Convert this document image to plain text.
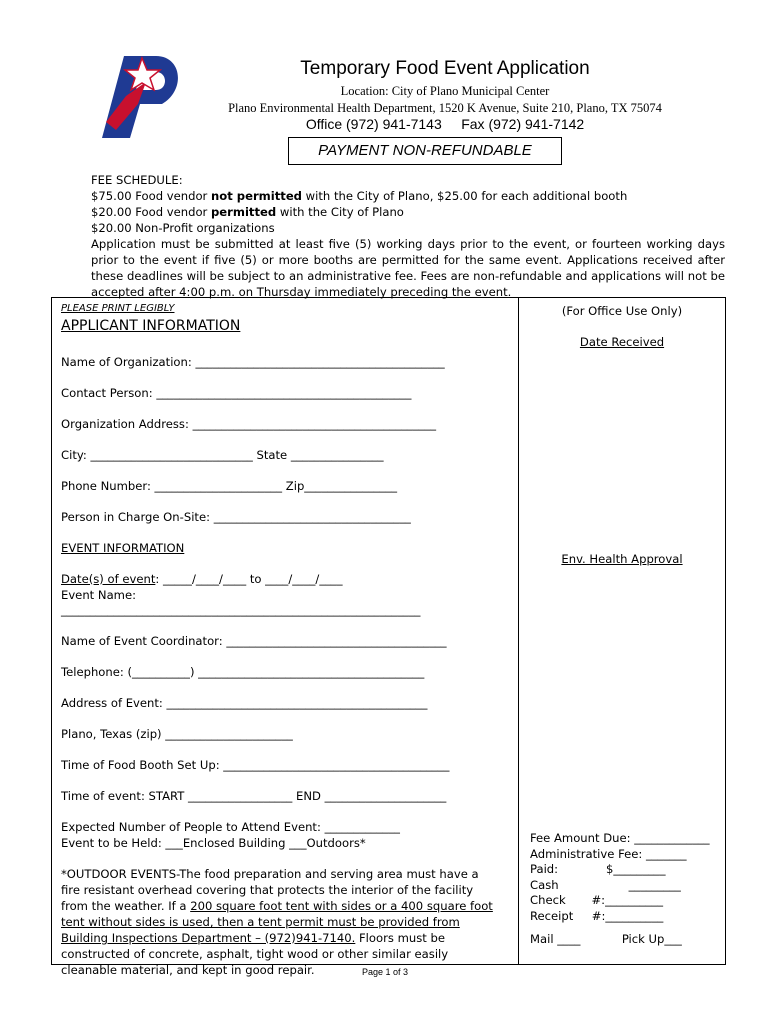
Temporary Food Event Application
Location: City of Plano Municipal Center
Plano Environmental Health Department, 1520 K Avenue, Suite 210, Plano, TX 75074
Office (972) 941-7143 Fax (972) 941-7142
PAYMENT NON-REFUNDABLE
FEE SCHEDULE:
$75.00 Food vendor not permitted with the City of Plano, $25.00 for each additional booth
$20.00 Food vendor permitted with the City of Plano
$20.00 Non-Profit organizations
Application must be submitted at least five (5) working days prior to the event, or fourteen working days prior to the event if five (5) or more booths are permitted for the same event. Applications received after these deadlines will be subject to an administrative fee. Fees are non-refundable and applications will not be accepted after 4:00 p.m. on Thursday immediately preceding the event.
PLEASE PRINT LEGIBLY
APPLICANT INFORMATION
Name of Organization: ___________________________________________
Contact Person: ____________________________________________
Organization Address: __________________________________________
City: ____________________________ State ________________
Phone Number: ______________________ Zip________________
Person in Charge On-Site: __________________________________
EVENT INFORMATION
Date(s) of event: _____/____/____ to ____/____/____
Event Name:
______________________________________________________________
Name of Event Coordinator: ______________________________________
Telephone: (__________) _______________________________________
Address of Event: _____________________________________________
Plano, Texas (zip) ______________________
Time of Food Booth Set Up: _______________________________________
Time of event: START __________________ END _____________________
Expected Number of People to Attend Event: _____________
Event to be Held: ___Enclosed Building ___Outdoors*
*OUTDOOR EVENTS-The food preparation and serving area must have a fire resistant overhead covering that protects the interior of the facility from the weather. If a 200 square foot tent with sides or a 400 square foot tent without sides is used, then a tent permit must be provided from Building Inspections Department – (972)941-7140. Floors must be constructed of concrete, asphalt, tight wood or other similar easily cleanable material, and kept in good repair.
(For Office Use Only)
Date Received
Env. Health Approval
Fee Amount Due: _____________
Administrative Fee: _______
Paid:             $_________
Cash                   _________
Check       #:__________
Receipt     #:__________
Mail ____	Pick Up___
Page 1 of 3
